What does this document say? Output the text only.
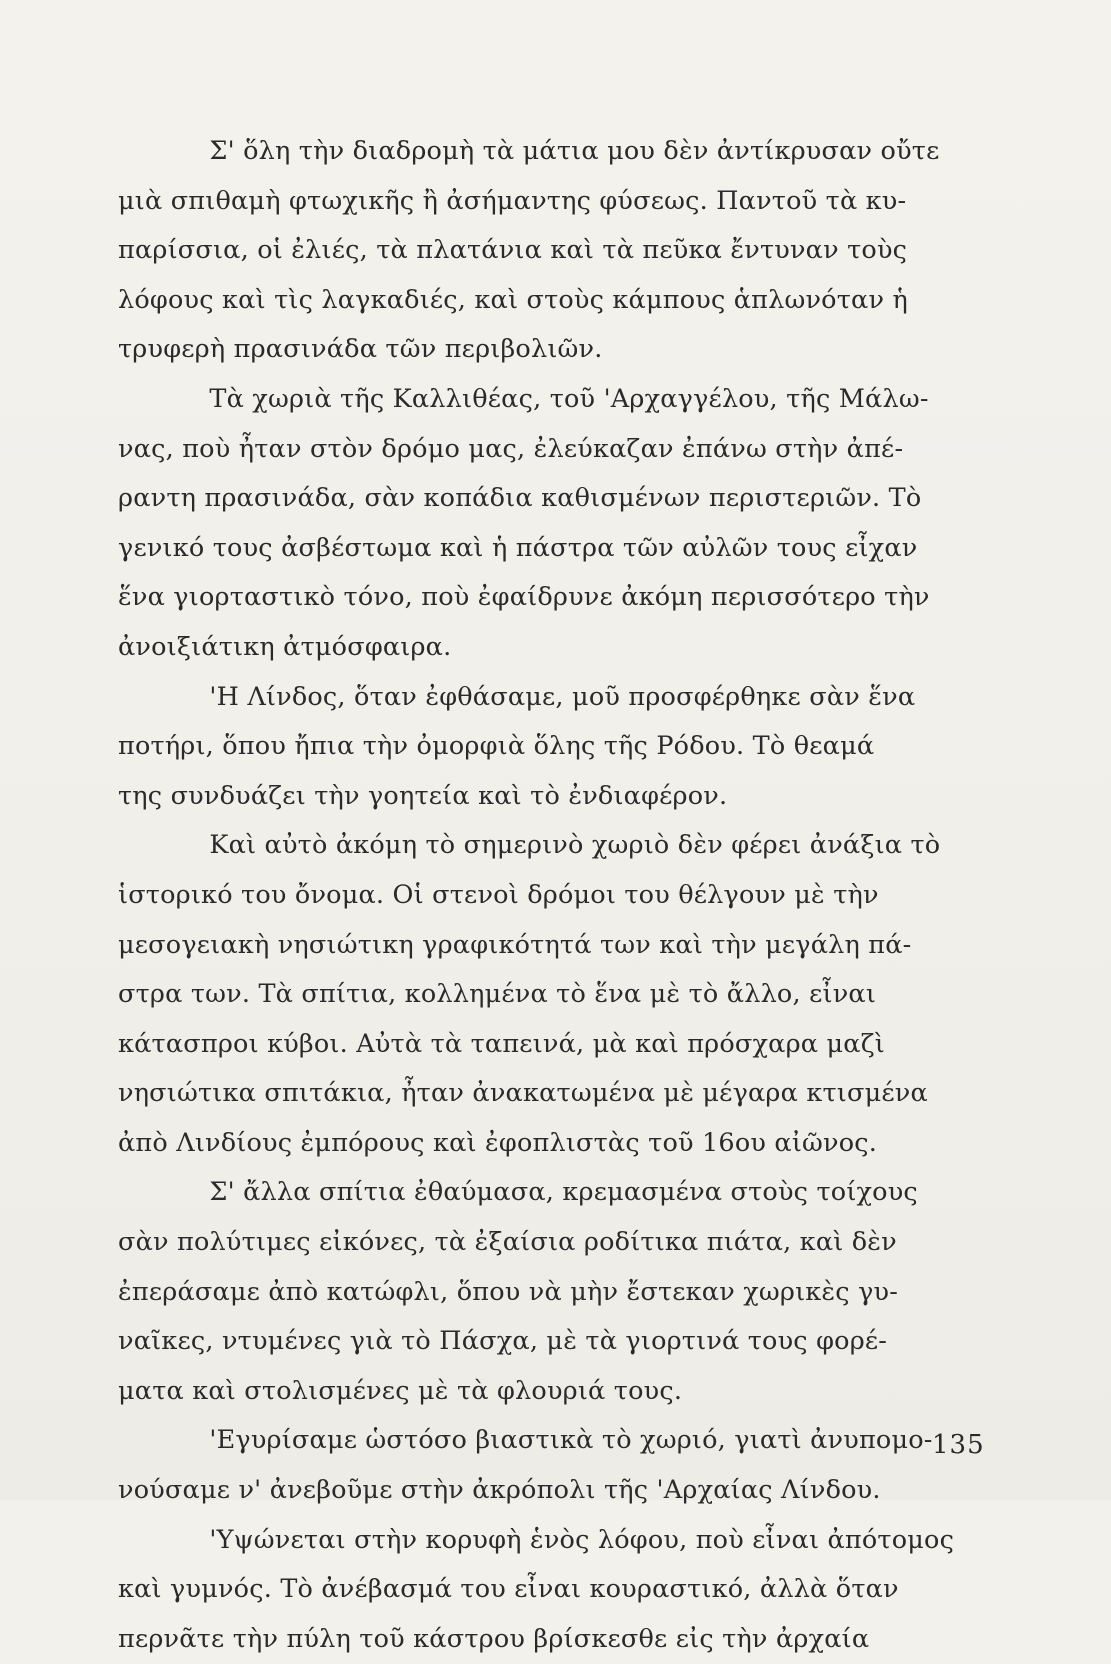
Σ' ὅλη τὴν διαδρομὴ τὰ μάτια μου δὲν ἀντίκρυσαν οὔτε
μιὰ σπιθαμὴ φτωχικῆς ἢ ἀσήμαντης φύσεως. Παντοῦ τὰ κυ-
παρίσσια, οἱ ἐλιές, τὰ πλατάνια καὶ τὰ πεῦκα ἔντυναν τοὺς
λόφους καὶ τὶς λαγκαδιές, καὶ στοὺς κάμπους ἁπλωνόταν ἡ
τρυφερὴ πρασινάδα τῶν περιβολιῶν.
Τὰ χωριὰ τῆς Καλλιθέας, τοῦ 'Αρχαγγέλου, τῆς Μάλω-
νας, ποὺ ἦταν στὸν δρόμο μας, ἐλεύκαζαν ἐπάνω στὴν ἀπέ-
ραντη πρασινάδα, σὰν κοπάδια καθισμένων περιστεριῶν. Τὸ
γενικό τους ἀσβέστωμα καὶ ἡ πάστρα τῶν αὐλῶν τους εἶχαν
ἕνα γιορταστικὸ τόνο, ποὺ ἐφαίδρυνε ἀκόμη περισσότερο τὴν
ἀνοιξιάτικη ἀτμόσφαιρα.
'Η Λίνδος, ὅταν ἐφθάσαμε, μοῦ προσφέρθηκε σὰν ἕνα
ποτήρι, ὅπου ἤπια τὴν ὀμορφιὰ ὅλης τῆς Ρόδου. Τὸ θεαμά
της συνδυάζει τὴν γοητεία καὶ τὸ ἐνδιαφέρον.
Καὶ αὐτὸ ἀκόμη τὸ σημερινὸ χωριὸ δὲν φέρει ἀνάξια τὸ
ἱστορικό του ὄνομα. Οἱ στενοὶ δρόμοι του θέλγουν μὲ τὴν
μεσογειακὴ νησιώτικη γραφικότητά των καὶ τὴν μεγάλη πά-
στρα των. Τὰ σπίτια, κολλημένα τὸ ἕνα μὲ τὸ ἄλλο, εἶναι
κάτασπροι κύβοι. Αὐτὰ τὰ ταπεινά, μὰ καὶ πρόσχαρα μαζὶ
νησιώτικα σπιτάκια, ἦταν ἀνακατωμένα μὲ μέγαρα κτισμένα
ἀπὸ Λινδίους ἐμπόρους καὶ ἐφοπλιστὰς τοῦ 16ου αἰῶνος.
Σ' ἄλλα σπίτια ἐθαύμασα, κρεμασμένα στοὺς τοίχους
σὰν πολύτιμες εἰκόνες, τὰ ἐξαίσια ροδίτικα πιάτα, καὶ δὲν
ἐπεράσαμε ἀπὸ κατώφλι, ὅπου νὰ μὴν ἔστεκαν χωρικὲς γυ-
ναῖκες, ντυμένες γιὰ τὸ Πάσχα, μὲ τὰ γιορτινά τους φορέ-
ματα καὶ στολισμένες μὲ τὰ φλουριά τους.
'Εγυρίσαμε ὡστόσο βιαστικὰ τὸ χωριό, γιατὶ ἀνυπομο-
νούσαμε ν' ἀνεβοῦμε στὴν ἀκρόπολι τῆς 'Αρχαίας Λίνδου.
'Υψώνεται στὴν κορυφὴ ἑνὸς λόφου, ποὺ εἶναι ἀπότομος
καὶ γυμνός. Τὸ ἀνέβασμά του εἶναι κουραστικό, ἀλλὰ ὅταν
περνᾶτε τὴν πύλη τοῦ κάστρου βρίσκεσθε εἰς τὴν ἀρχαία
135
